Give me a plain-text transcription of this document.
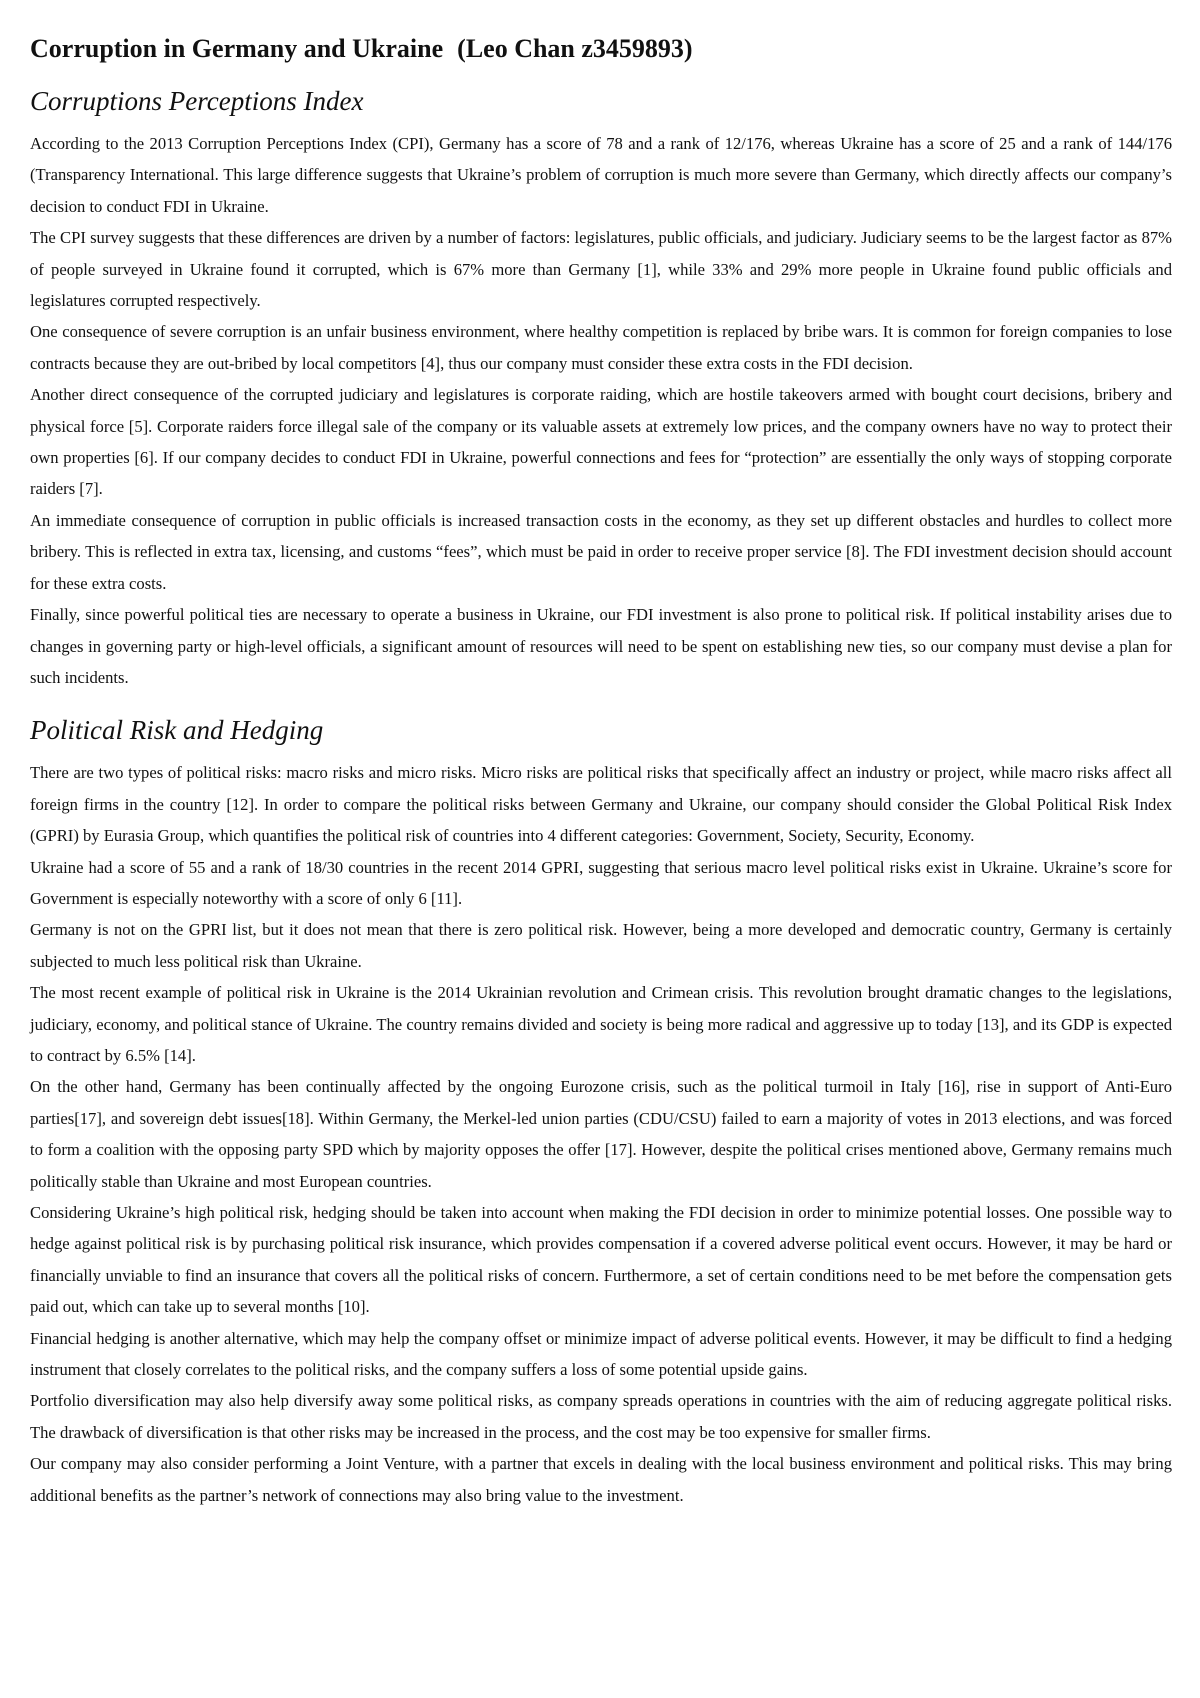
Corruption in Germany and Ukraine (Leo Chan z3459893)
Corruptions Perceptions Index

According to the 2013 Corruption Perceptions Index (CPI), Germany has a score of 78 and a rank of 12/176, whereas Ukraine has a score of 25 and a rank of 144/176 (Transparency International. This large difference suggests that Ukraine’s problem of corruption is much more severe than Germany, which directly affects our company’s decision to conduct FDI in Ukraine.

The CPI survey suggests that these differences are driven by a number of factors: legislatures, public officials, and judiciary. Judiciary seems to be the largest factor as 87% of people surveyed in Ukraine found it corrupted, which is 67% more than Germany [1], while 33% and 29% more people in Ukraine found public officials and legislatures corrupted respectively.

One consequence of severe corruption is an unfair business environment, where healthy competition is replaced by bribe wars. It is common for foreign companies to lose contracts because they are out-bribed by local competitors [4], thus our company must consider these extra costs in the FDI decision.

Another direct consequence of the corrupted judiciary and legislatures is corporate raiding, which are hostile takeovers armed with bought court decisions, bribery and physical force [5]. Corporate raiders force illegal sale of the company or its valuable assets at extremely low prices, and the company owners have no way to protect their own properties [6]. If our company decides to conduct FDI in Ukraine, powerful connections and fees for “protection” are essentially the only ways of stopping corporate raiders [7].

An immediate consequence of corruption in public officials is increased transaction costs in the economy, as they set up different obstacles and hurdles to collect more bribery. This is reflected in extra tax, licensing, and customs “fees”, which must be paid in order to receive proper service [8]. The FDI investment decision should account for these extra costs.

Finally, since powerful political ties are necessary to operate a business in Ukraine, our FDI investment is also prone to political risk. If political instability arises due to changes in governing party or high-level officials, a significant amount of resources will need to be spent on establishing new ties, so our company must devise a plan for such incidents.

Political Risk and Hedging

There are two types of political risks: macro risks and micro risks. Micro risks are political risks that specifically affect an industry or project, while macro risks affect all foreign firms in the country [12]. In order to compare the political risks between Germany and Ukraine, our company should consider the Global Political Risk Index (GPRI) by Eurasia Group, which quantifies the political risk of countries into 4 different categories: Government, Society, Security, Economy.

Ukraine had a score of 55 and a rank of 18/30 countries in the recent 2014 GPRI, suggesting that serious macro level political risks exist in Ukraine. Ukraine’s score for Government is especially noteworthy with a score of only 6 [11].

Germany is not on the GPRI list, but it does not mean that there is zero political risk. However, being a more developed and democratic country, Germany is certainly subjected to much less political risk than Ukraine.

The most recent example of political risk in Ukraine is the 2014 Ukrainian revolution and Crimean crisis. This revolution brought dramatic changes to the legislations, judiciary, economy, and political stance of Ukraine. The country remains divided and society is being more radical and aggressive up to today [13], and its GDP is expected to contract by 6.5% [14].

On the other hand, Germany has been continually affected by the ongoing Eurozone crisis, such as the political turmoil in Italy [16], rise in support of Anti-Euro parties[17], and sovereign debt issues[18]. Within Germany, the Merkel-led union parties (CDU/CSU) failed to earn a majority of votes in 2013 elections, and was forced to form a coalition with the opposing party SPD which by majority opposes the offer [17]. However, despite the political crises mentioned above, Germany remains much politically stable than Ukraine and most European countries.

Considering Ukraine’s high political risk, hedging should be taken into account when making the FDI decision in order to minimize potential losses. One possible way to hedge against political risk is by purchasing political risk insurance, which provides compensation if a covered adverse political event occurs. However, it may be hard or financially unviable to find an insurance that covers all the political risks of concern. Furthermore, a set of certain conditions need to be met before the compensation gets paid out, which can take up to several months [10].

Financial hedging is another alternative, which may help the company offset or minimize impact of adverse political events. However, it may be difficult to find a hedging instrument that closely correlates to the political risks, and the company suffers a loss of some potential upside gains.

Portfolio diversification may also help diversify away some political risks, as company spreads operations in countries with the aim of reducing aggregate political risks. The drawback of diversification is that other risks may be increased in the process, and the cost may be too expensive for smaller firms.

Our company may also consider performing a Joint Venture, with a partner that excels in dealing with the local business environment and political risks. This may bring additional benefits as the partner’s network of connections may also bring value to the investment.
